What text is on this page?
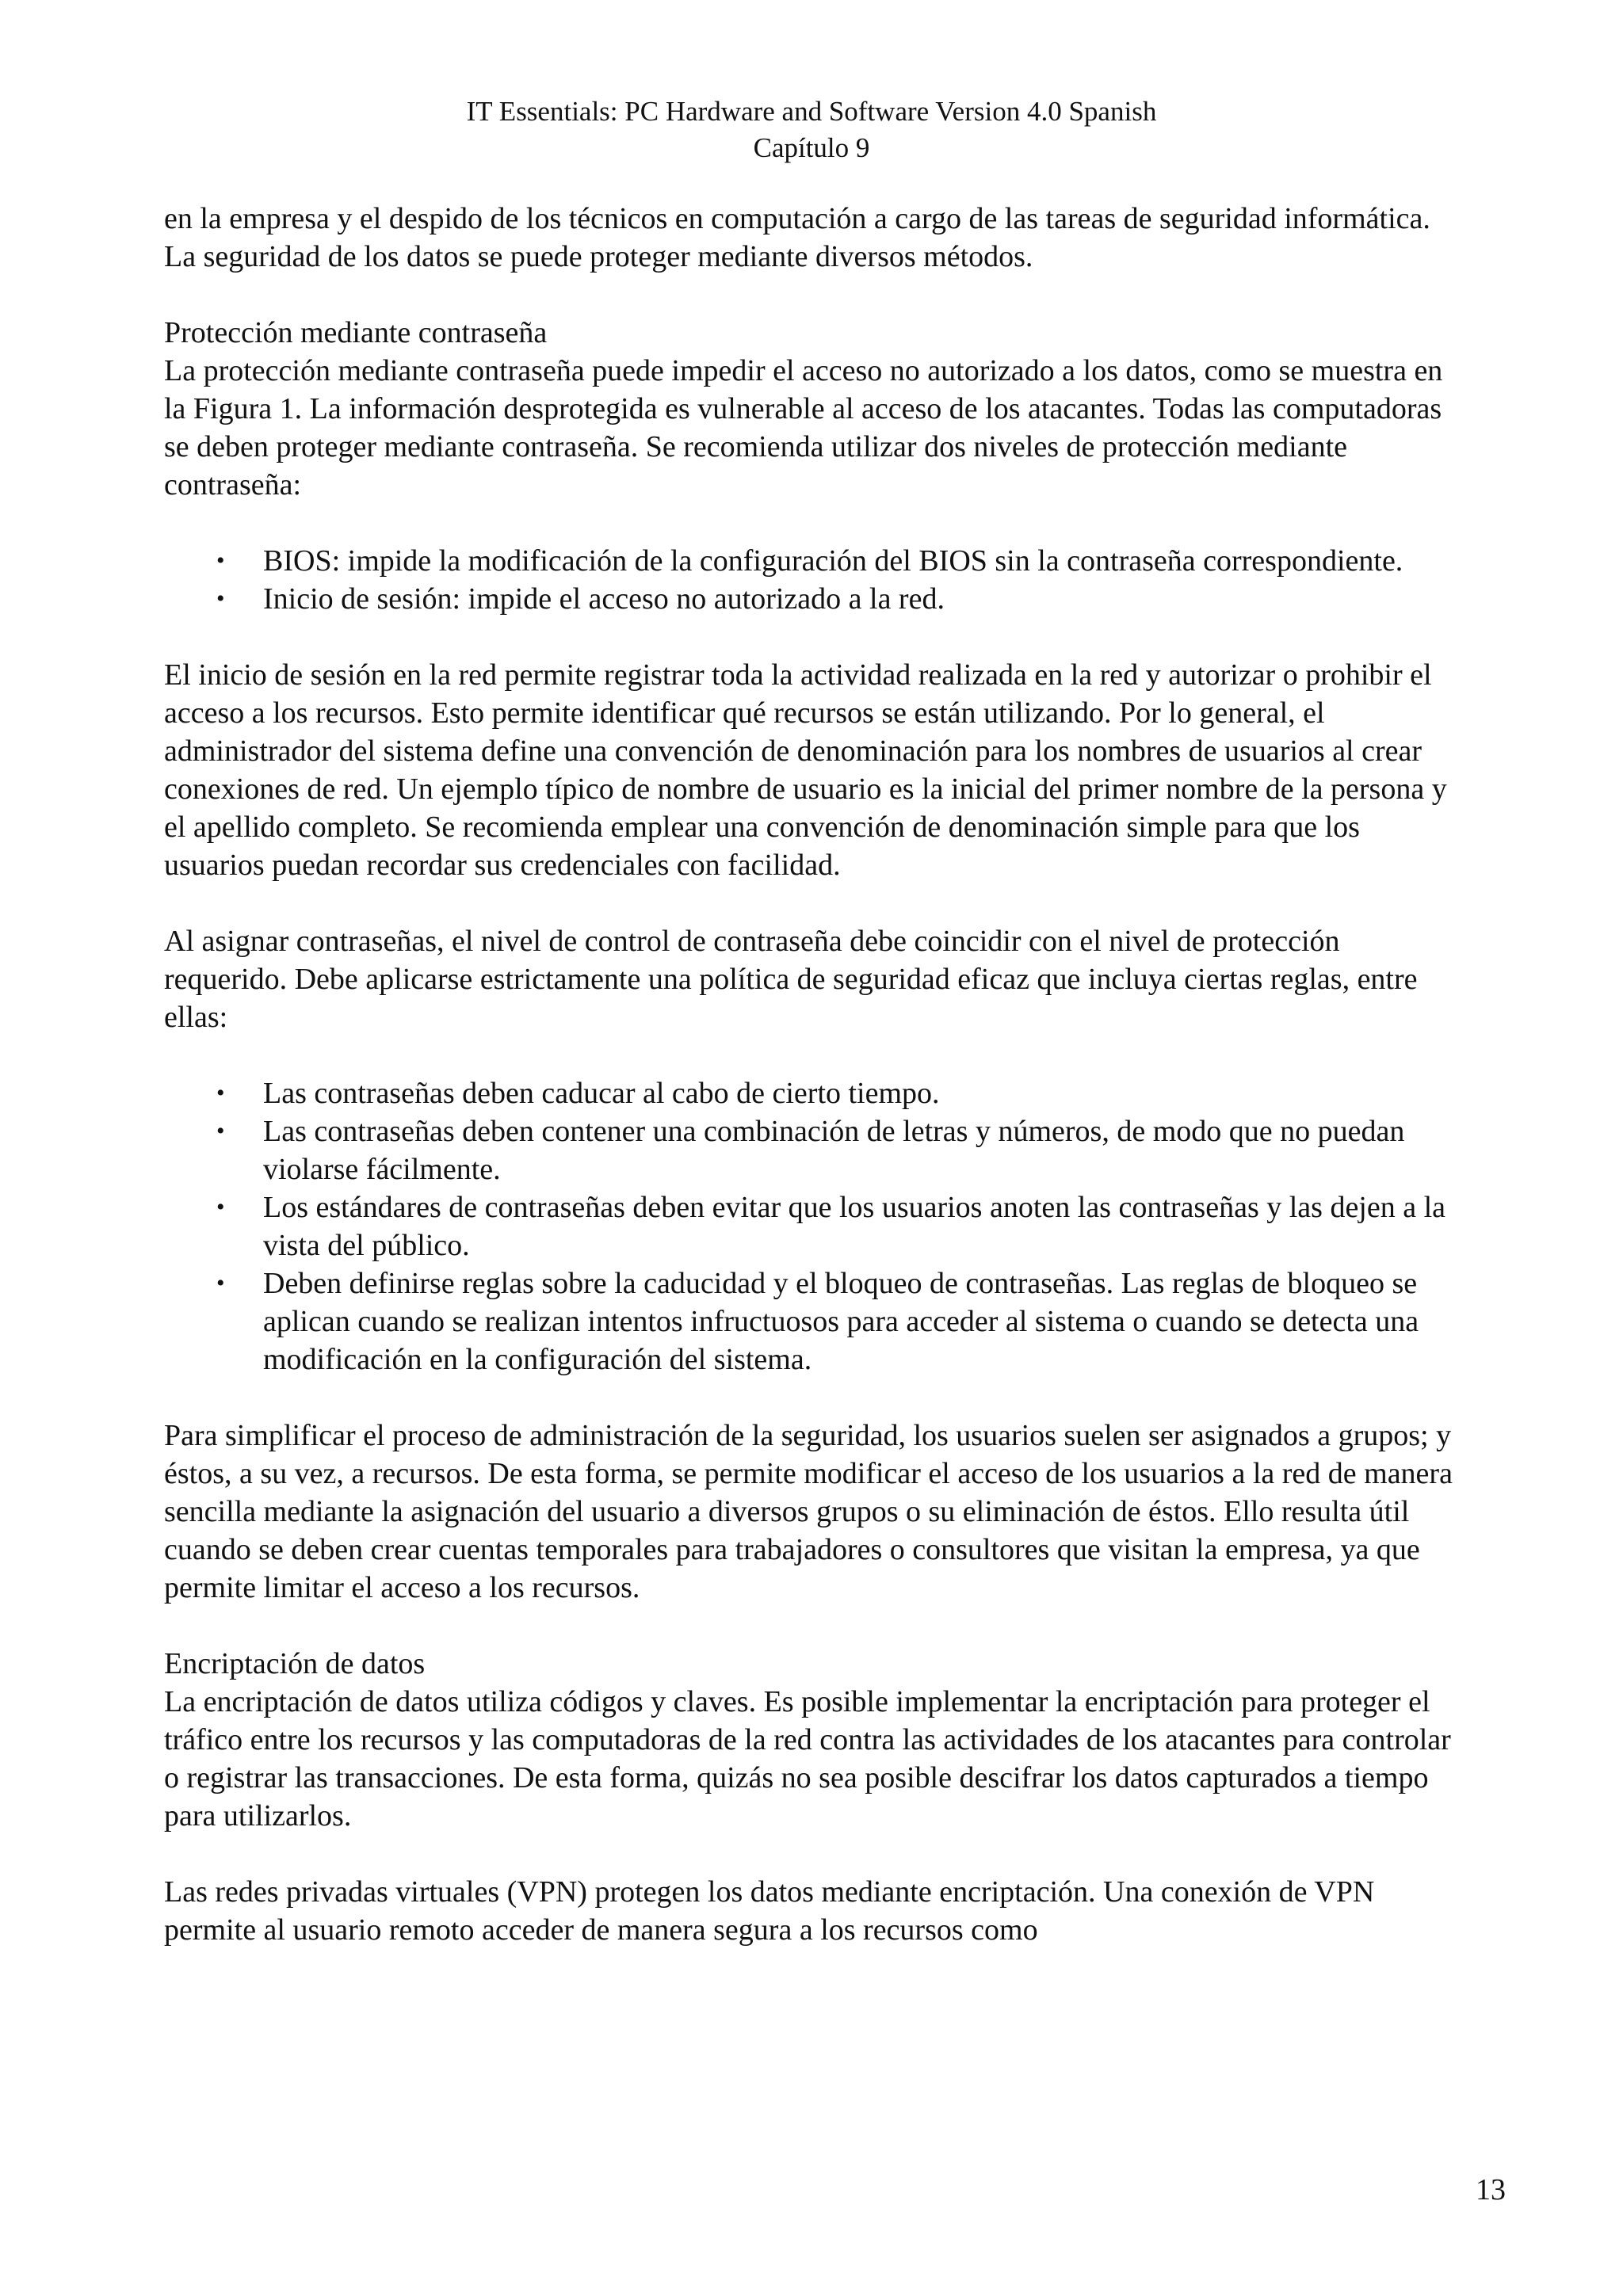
IT Essentials: PC Hardware and Software Version 4.0 Spanish
Capítulo 9

en la empresa y el despido de los técnicos en computación a cargo de las tareas de seguridad informática. La seguridad de los datos se puede proteger mediante diversos métodos.

Protección mediante contraseña

La protección mediante contraseña puede impedir el acceso no autorizado a los datos, como se muestra en la Figura 1. La información desprotegida es vulnerable al acceso de los atacantes. Todas las computadoras se deben proteger mediante contraseña. Se recomienda utilizar dos niveles de protección mediante contraseña:

• BIOS: impide la modificación de la configuración del BIOS sin la contraseña correspondiente.
• Inicio de sesión: impide el acceso no autorizado a la red.

El inicio de sesión en la red permite registrar toda la actividad realizada en la red y autorizar o prohibir el acceso a los recursos. Esto permite identificar qué recursos se están utilizando. Por lo general, el administrador del sistema define una convención de denominación para los nombres de usuarios al crear conexiones de red. Un ejemplo típico de nombre de usuario es la inicial del primer nombre de la persona y el apellido completo. Se recomienda emplear una convención de denominación simple para que los usuarios puedan recordar sus credenciales con facilidad.

Al asignar contraseñas, el nivel de control de contraseña debe coincidir con el nivel de protección requerido. Debe aplicarse estrictamente una política de seguridad eficaz que incluya ciertas reglas, entre ellas:

• Las contraseñas deben caducar al cabo de cierto tiempo.
• Las contraseñas deben contener una combinación de letras y números, de modo que no puedan violarse fácilmente.
• Los estándares de contraseñas deben evitar que los usuarios anoten las contraseñas y las dejen a la vista del público.
• Deben definirse reglas sobre la caducidad y el bloqueo de contraseñas. Las reglas de bloqueo se aplican cuando se realizan intentos infructuosos para acceder al sistema o cuando se detecta una modificación en la configuración del sistema.

Para simplificar el proceso de administración de la seguridad, los usuarios suelen ser asignados a grupos; y éstos, a su vez, a recursos. De esta forma, se permite modificar el acceso de los usuarios a la red de manera sencilla mediante la asignación del usuario a diversos grupos o su eliminación de éstos. Ello resulta útil cuando se deben crear cuentas temporales para trabajadores o consultores que visitan la empresa, ya que permite limitar el acceso a los recursos.

Encriptación de datos

La encriptación de datos utiliza códigos y claves. Es posible implementar la encriptación para proteger el tráfico entre los recursos y las computadoras de la red contra las actividades de los atacantes para controlar o registrar las transacciones. De esta forma, quizás no sea posible descifrar los datos capturados a tiempo para utilizarlos.

Las redes privadas virtuales (VPN) protegen los datos mediante encriptación. Una conexión de VPN permite al usuario remoto acceder de manera segura a los recursos como

13
